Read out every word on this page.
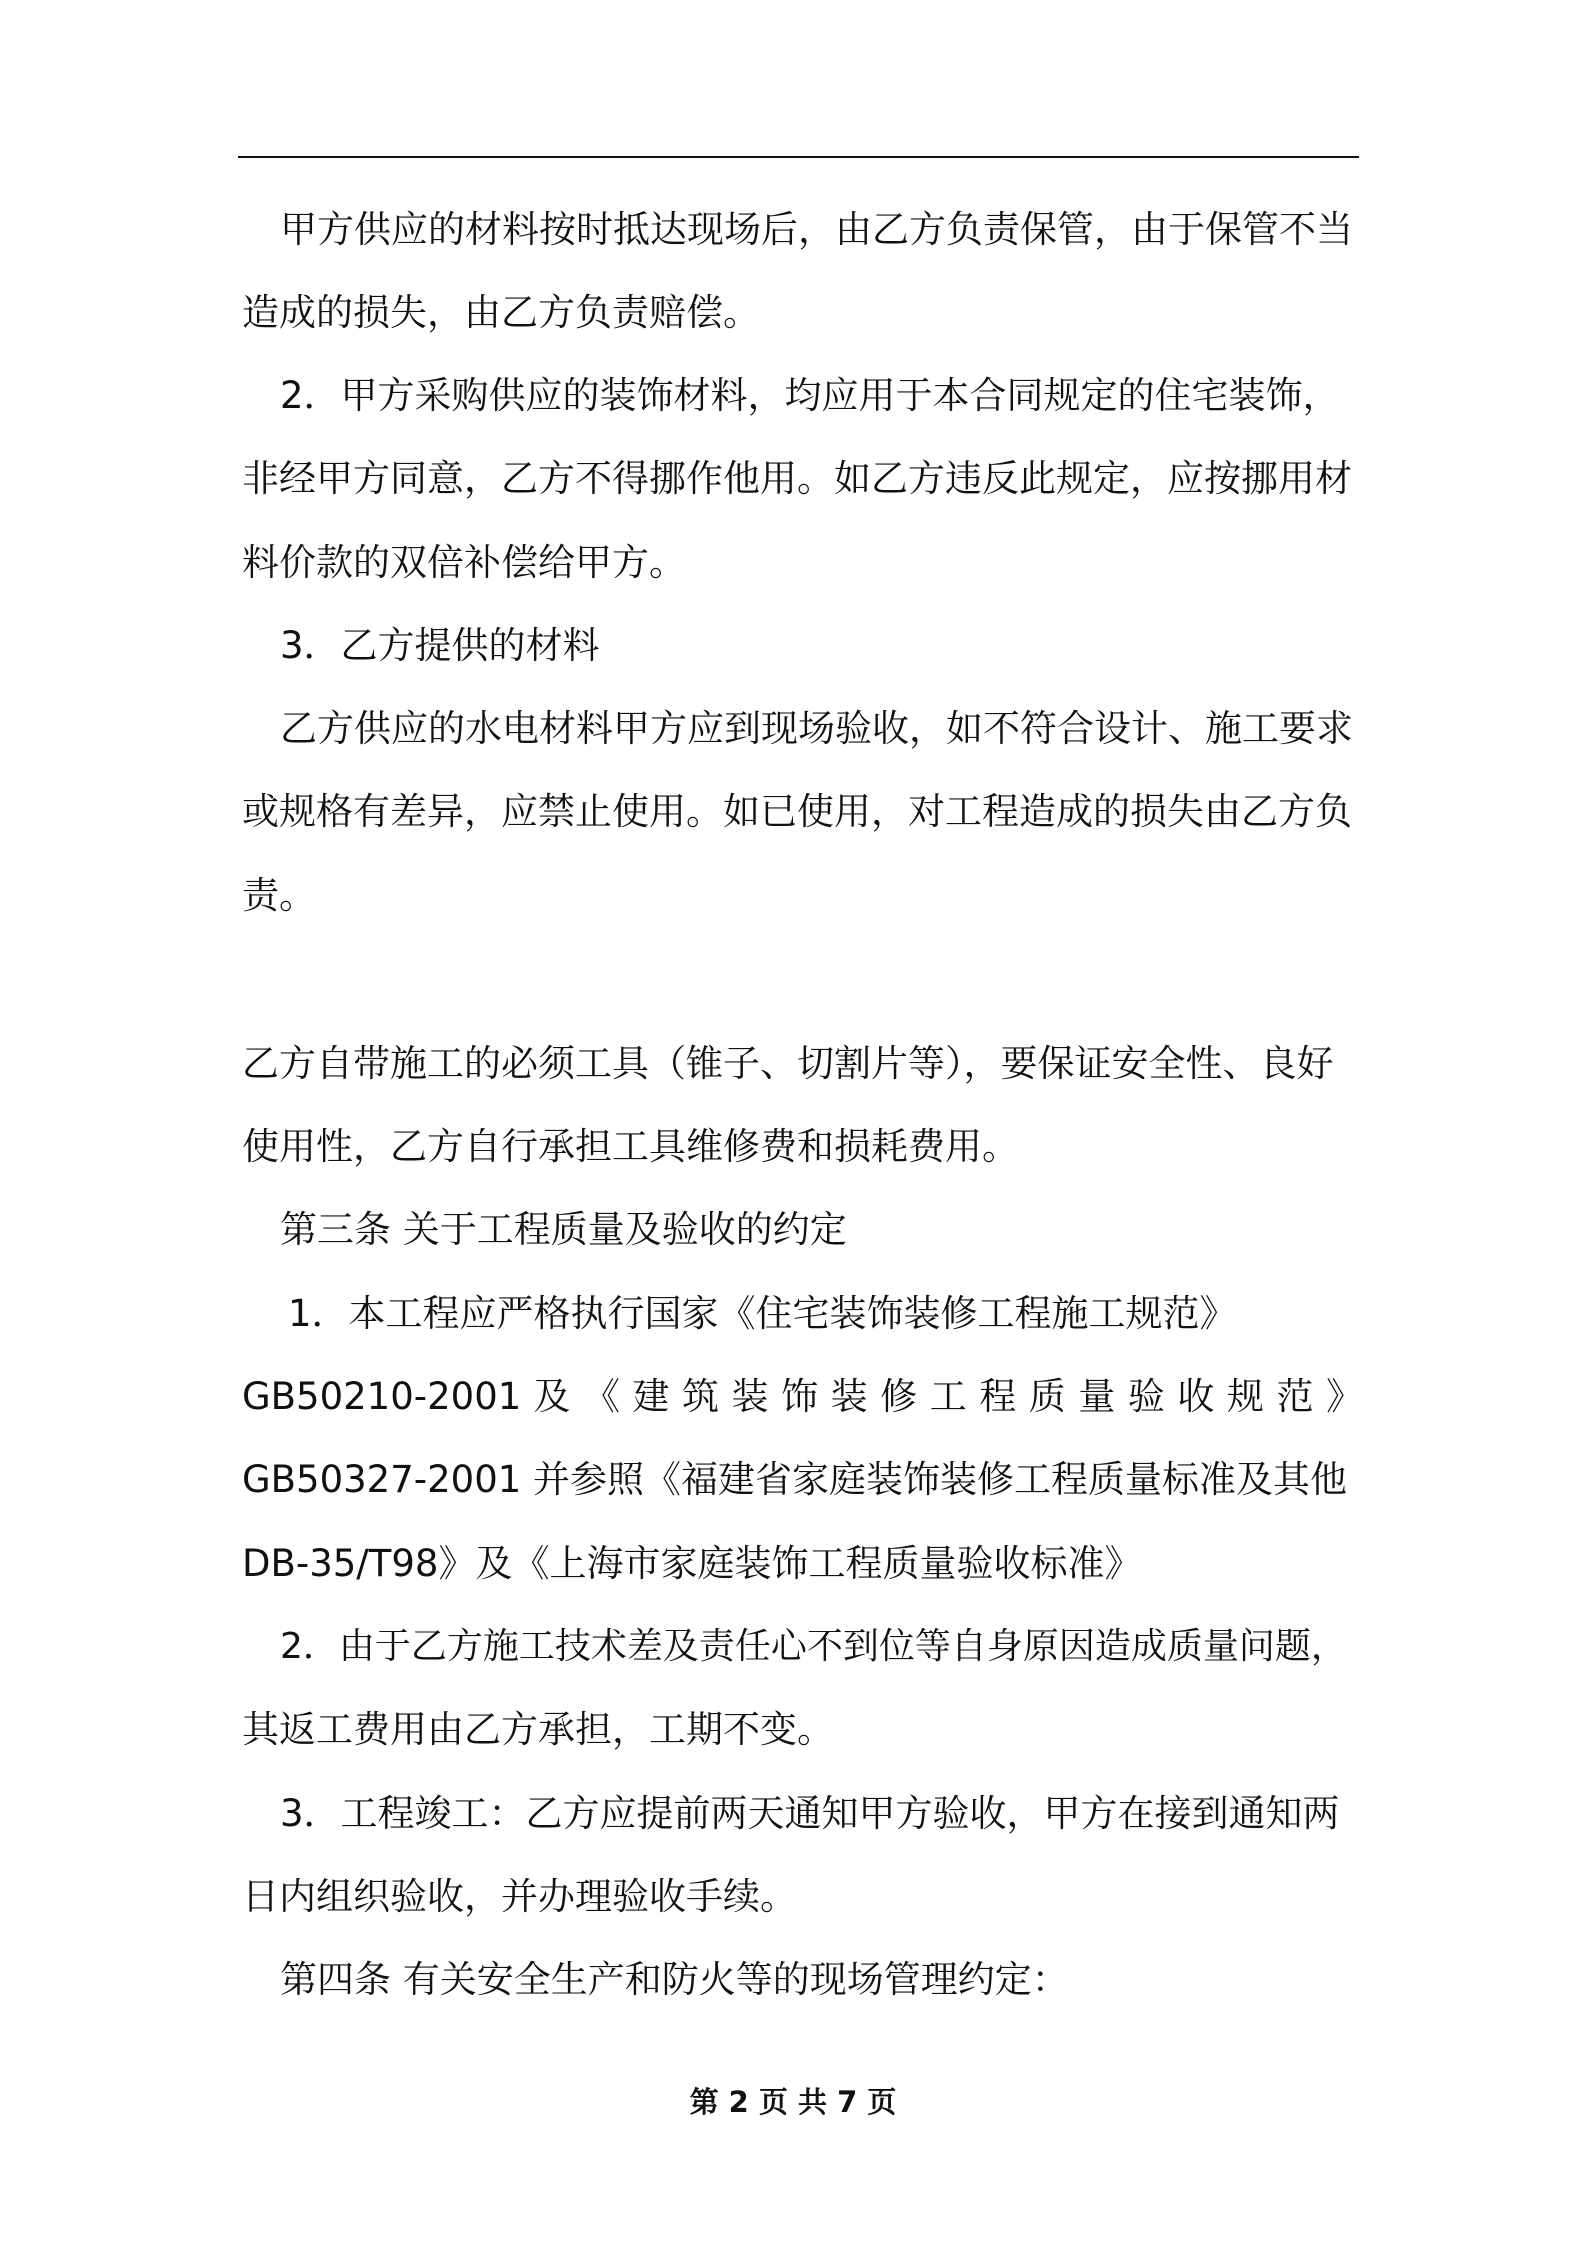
甲方供应的材料按时抵达现场后，由乙方负责保管，由于保管不当
造成的损失，由乙方负责赔偿。
2．甲方采购供应的装饰材料，均应用于本合同规定的住宅装饰，
非经甲方同意，乙方不得挪作他用。如乙方违反此规定，应按挪用材
料价款的双倍补偿给甲方。
3．乙方提供的材料
乙方供应的水电材料甲方应到现场验收，如不符合设计、施工要求
或规格有差异，应禁止使用。如已使用，对工程造成的损失由乙方负
责。
乙方自带施工的必须工具（锥子、切割片等），要保证安全性、良好
使用性，乙方自行承担工具维修费和损耗费用。
第三条 关于工程质量及验收的约定
1．本工程应严格执行国家《住宅装饰装修工程施工规范》
GB50210-2001 及 《 建 筑 装 饰 装 修 工 程 质 量 验 收 规 范 》
GB50327-2001 并参照《福建省家庭装饰装修工程质量标准及其他
DB-35/T98》及《上海市家庭装饰工程质量验收标准》
2．由于乙方施工技术差及责任心不到位等自身原因造成质量问题，
其返工费用由乙方承担，工期不变。
3．工程竣工：乙方应提前两天通知甲方验收，甲方在接到通知两
日内组织验收，并办理验收手续。
第四条 有关安全生产和防火等的现场管理约定：
第 2 页 共 7 页
